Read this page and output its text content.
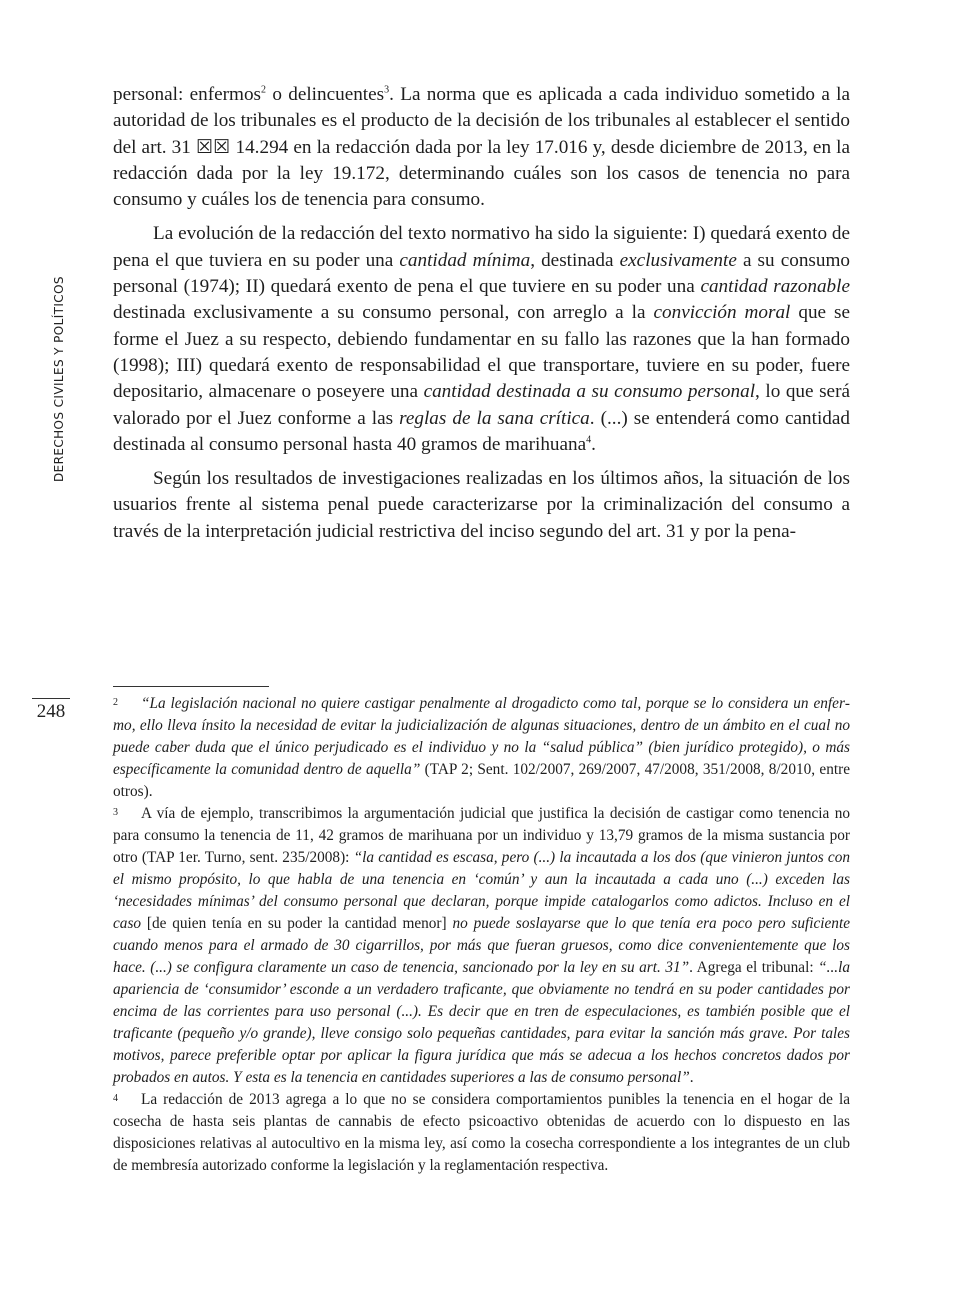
DERECHOS CIVILES Y POLÍTICOS
248

personal: enfermos$^2$ o delincuentes$^3$. La norma que es aplicada a cada individuo sometido a la autoridad de los tribunales es el producto de la decisión de los tribunales al establecer el sentido del art. 31 ☒☒ 14.294 en la redacción dada por la ley 17.016 y, desde diciembre de 2013, en la redacción dada por la ley 19.172, determinando cuáles son los casos de tenencia no para consumo y cuáles los de tenencia para consumo.

La evolución de la redacción del texto normativo ha sido la siguiente: I) quedará exento de pena el que tuviera en su poder una cantidad mínima, destinada exclusivamente a su consumo personal (1974); II) quedará exento de pena el que tuviere en su poder una cantidad razonable destinada exclusivamente a su consumo personal, con arreglo a la convicción moral que se forme el Juez a su respecto, debiendo fundamentar en su fallo las razones que la han formado (1998); III) quedará exento de responsabilidad el que transportare, tuviere en su poder, fuere depositario, almacenare o poseyere una cantidad destinada a su consumo personal, lo que será valorado por el Juez conforme a las reglas de la sana crítica. (...) se entenderá como cantidad destinada al consumo personal hasta 40 gramos de marihuana$^4$.

Según los resultados de investigaciones realizadas en los últimos años, la situación de los usuarios frente al sistema penal puede caracterizarse por la criminalización del consumo a través de la interpretación judicial restrictiva del inciso segundo del art. 31 y por la pena-

$^2$ “La legislación nacional no quiere castigar penalmente al drogadicto como tal, porque se lo considera un enfermo, ello lleva ínsito la necesidad de evitar la judicialización de algunas situaciones, dentro de un ámbito en el cual no puede caber duda que el único perjudicado es el individuo y no la “salud pública” (bien jurídico protegido), o más específicamente la comunidad dentro de aquella” (TAP 2; Sent. 102/2007, 269/2007, 47/2008, 351/2008, 8/2010, entre otros).

$^3$ A vía de ejemplo, transcribimos la argumentación judicial que justifica la decisión de castigar como tenencia no para consumo la tenencia de 11, 42 gramos de marihuana por un individuo y 13,79 gramos de la misma sustancia por otro (TAP 1er. Turno, sent. 235/2008): “la cantidad es escasa, pero (...) la incautada a los dos (que vinieron juntos con el mismo propósito, lo que habla de una tenencia en ‘común’ y aun la incautada a cada uno (...) exceden las ‘necesidades mínimas’ del consumo personal que declaran, porque impide catalogarlos como adictos. Incluso en el caso [de quien tenía en su poder la cantidad menor] no puede soslayarse que lo que tenía era poco pero suficiente cuando menos para el armado de 30 cigarrillos, por más que fueran gruesos, como dice convenientemente que los hace. (...) se configura claramente un caso de tenencia, sancionado por la ley en su art. 31”. Agrega el tribunal: “...la apariencia de ‘consumidor’ esconde a un verdadero traficante, que obviamente no tendrá en su poder cantidades por encima de las corrientes para uso personal (...). Es decir que en tren de especulaciones, es también posible que el traficante (pequeño y/o grande), lleve consigo solo pequeñas cantidades, para evitar la sanción más grave. Por tales motivos, parece preferible optar por aplicar la figura jurídica que más se adecua a los hechos concretos dados por probados en autos. Y esta es la tenencia en cantidades superiores a las de consumo personal”.

$^4$ La redacción de 2013 agrega a lo que no se considera comportamientos punibles la tenencia en el hogar de la cosecha de hasta seis plantas de cannabis de efecto psicoactivo obtenidas de acuerdo con lo dispuesto en las disposiciones relativas al autocultivo en la misma ley, así como la cosecha correspondiente a los integrantes de un club de membresía autorizado conforme la legislación y la reglamentación respectiva.
